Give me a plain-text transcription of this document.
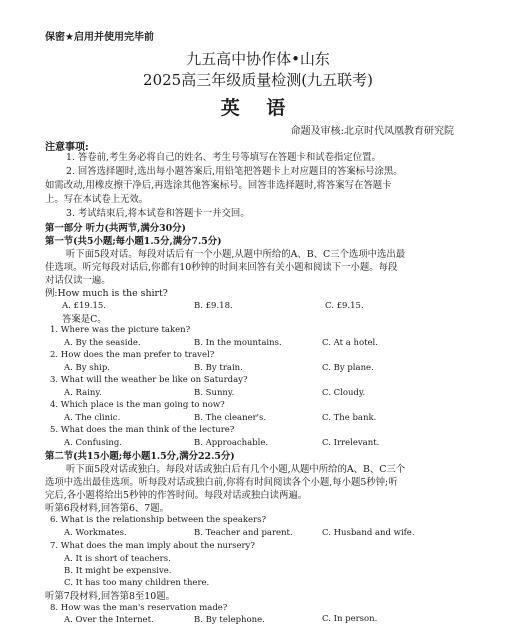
保密★启用并使用完毕前
九五高中协作体•山东
2025高三年级质量检测(九五联考)
英 语
命题及审核:北京时代凤凰教育研究院
注意事项:
1. 答卷前,考生务必将自己的姓名、考生号等填写在答题卡和试卷指定位置。
2. 回答选择题时,选出每小题答案后,用铅笔把答题卡上对应题目的答案标号涂黑。
如需改动,用橡皮擦干净后,再选涂其他答案标号。回答非选择题时,将答案写在答题卡
上。写在本试卷上无效。
3. 考试结束后,将本试卷和答题卡一并交回。
第一部分 听力(共两节,满分30分)
第一节(共5小题;每小题1.5分,满分7.5分)
听下面5段对话。每段对话后有一个小题,从题中所给的A、B、C三个选项中选出最
佳选项。听完每段对话后,你都有10秒钟的时间来回答有关小题和阅读下一小题。每段
对话仅读一遍。
例:How much is the shirt?
A. £19.15.	B. £9.18.	C. £9.15.
答案是C。
1. Where was the picture taken?
A. By the seaside.	B. In the mountains.	C. At a hotel.
2. How does the man prefer to travel?
A. By ship.	B. By train.	C. By plane.
3. What will the weather be like on Saturday?
A. Rainy.	B. Sunny.	C. Cloudy.
4. Which place is the man going to now?
A. The clinic.	B. The cleaner's.	C. The bank.
5. What does the man think of the lecture?
A. Confusing.	B. Approachable.	C. Irrelevant.
第二节(共15小题;每小题1.5分,满分22.5分)
听下面5段对话或独白。每段对话或独白后有几个小题,从题中所给的A、B、C三个
选项中选出最佳选项。听每段对话或独白前,你将有时间阅读各个小题,每小题5秒钟;听
完后,各小题将给出5秒钟的作答时间。每段对话或独白读两遍。
听第6段材料,回答第6、7题。
6. What is the relationship between the speakers?
A. Workmates.	B. Teacher and parent.	C. Husband and wife.
7. What does the man imply about the nursery?
A. It is short of teachers.
B. It might be expensive.
C. It has too many children there.
听第7段材料,回答第8至10题。
8. How was the man's reservation made?
A. Over the Internet.	B. By telephone.	C. In person.
